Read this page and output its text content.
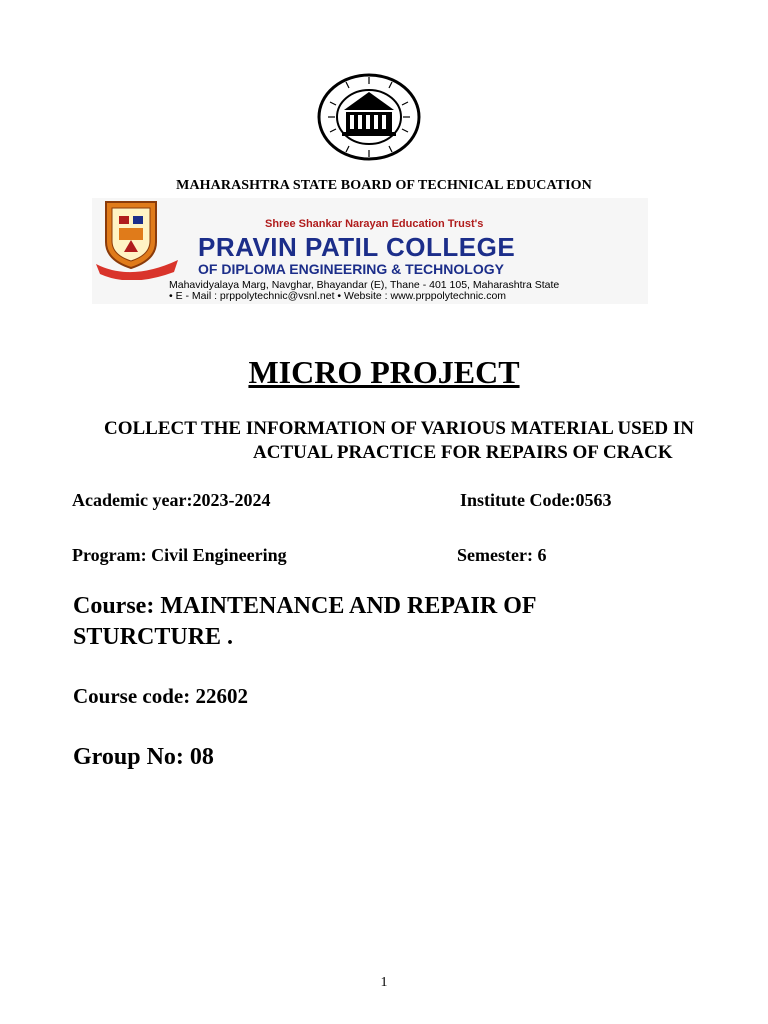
MAHARASHTRA STATE BOARD OF TECHNICAL EDUCATION
Shree Shankar Narayan Education Trust's
PRAVIN PATIL COLLEGE
OF DIPLOMA ENGINEERING & TECHNOLOGY
Mahavidyalaya Marg, Navghar, Bhayandar (E), Thane - 401 105, Maharashtra State
• E - Mail : prppolytechnic@vsnl.net • Website : www.prppolytechnic.com
MICRO PROJECT
COLLECT THE INFORMATION OF VARIOUS MATERIAL USED IN
ACTUAL PRACTICE FOR REPAIRS OF CRACK
Academic year:2023-2024	Institute Code:0563
Program: Civil Engineering	Semester: 6
Course: MAINTENANCE AND REPAIR OF
STURCTURE .
Course code: 22602
Group No: 08
1
